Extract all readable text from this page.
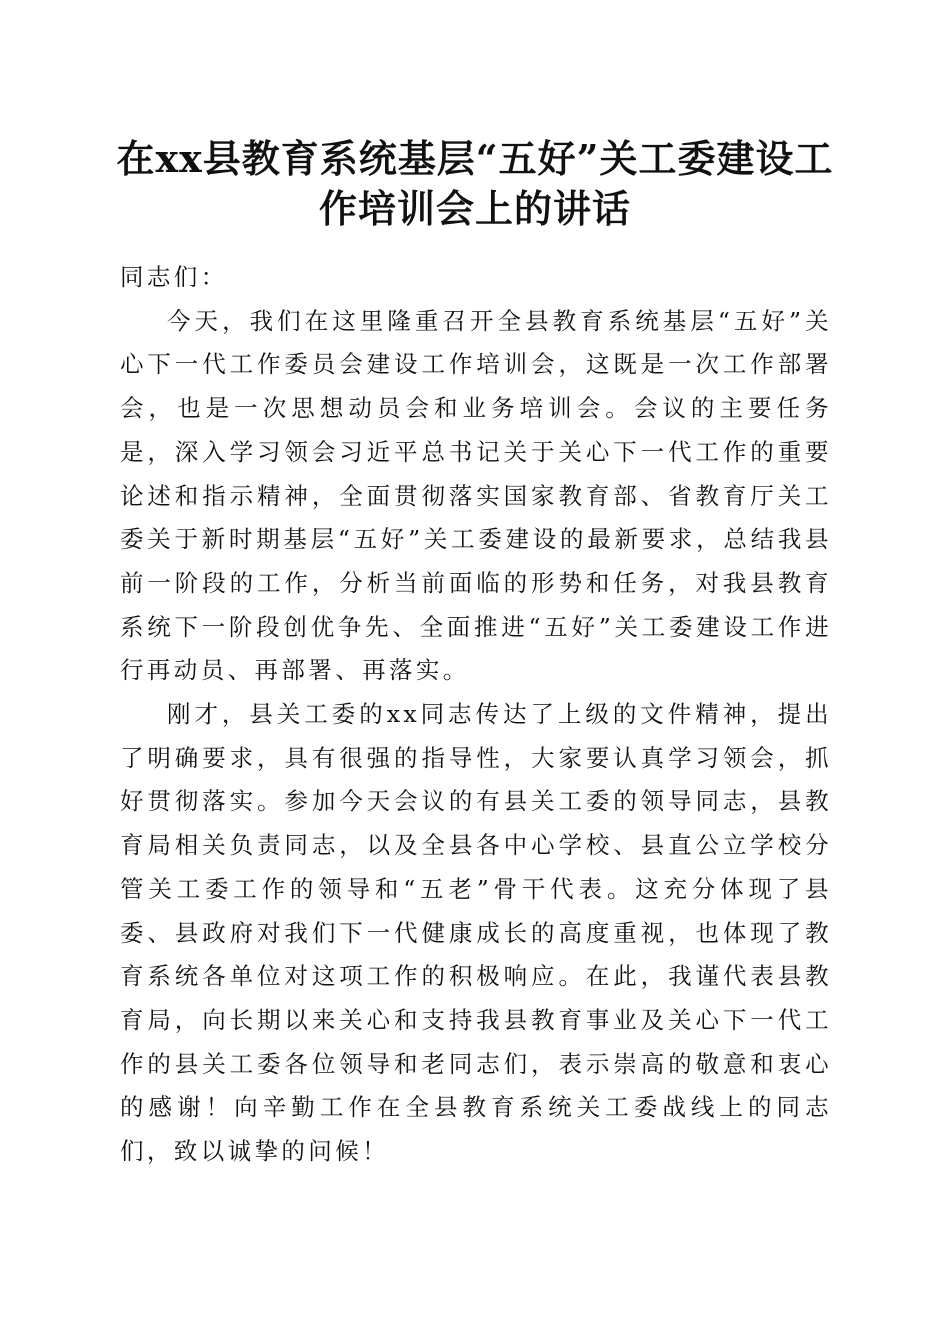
在xx县教育系统基层“五好”关工委建设工
作培训会上的讲话

同志们：

今天，我们在这里隆重召开全县教育系统基层“五好”关心下一代工作委员会建设工作培训会，这既是一次工作部署会，也是一次思想动员会和业务培训会。会议的主要任务是，深入学习领会习近平总书记关于关心下一代工作的重要论述和指示精神，全面贯彻落实国家教育部、省教育厅关工委关于新时期基层“五好”关工委建设的最新要求，总结我县前一阶段的工作，分析当前面临的形势和任务，对我县教育系统下一阶段创优争先、全面推进“五好”关工委建设工作进行再动员、再部署、再落实。

刚才，县关工委的xx同志传达了上级的文件精神，提出了明确要求，具有很强的指导性，大家要认真学习领会，抓好贯彻落实。参加今天会议的有县关工委的领导同志，县教育局相关负责同志，以及全县各中心学校、县直公立学校分管关工委工作的领导和“五老”骨干代表。这充分体现了县委、县政府对我们下一代健康成长的高度重视，也体现了教育系统各单位对这项工作的积极响应。在此，我谨代表县教育局，向长期以来关心和支持我县教育事业及关心下一代工作的县关工委各位领导和老同志们，表示崇高的敬意和衷心的感谢！向辛勤工作在全县教育系统关工委战线上的同志们，致以诚挚的问候！
